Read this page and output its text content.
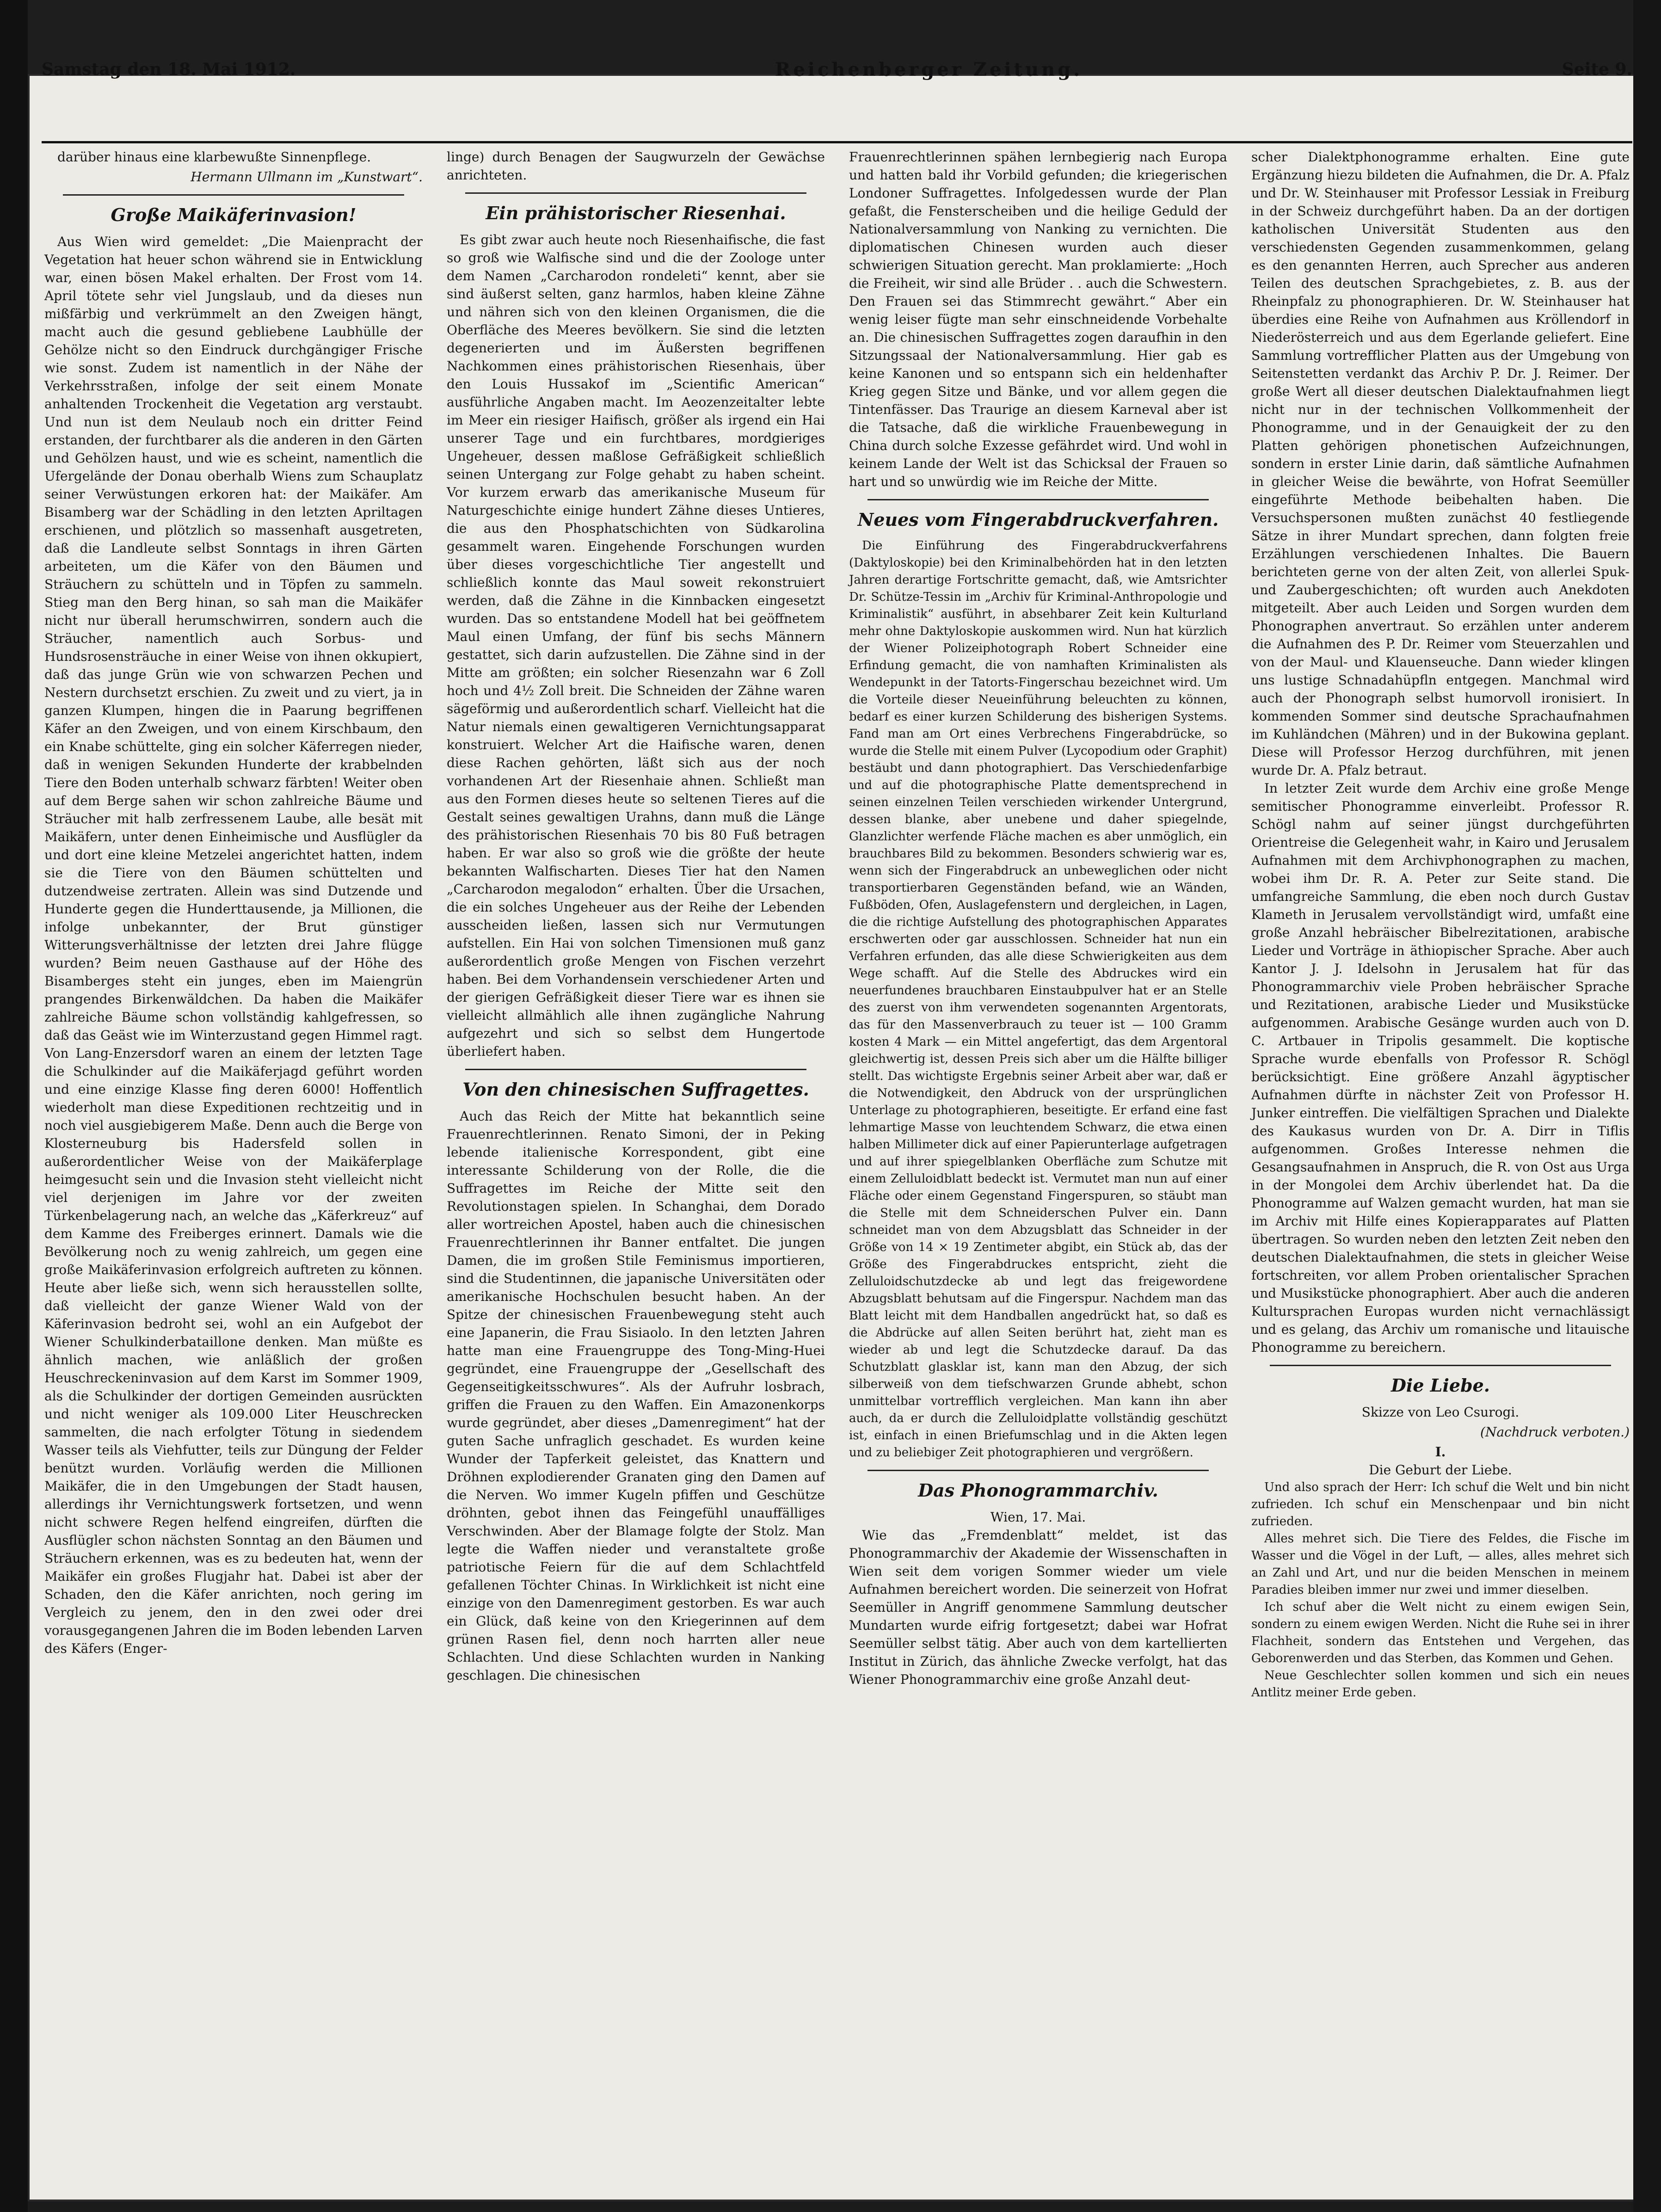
Samstag den 18. Mai 1912.	Reichenberger Zeitung.	Seite 9.

darüber hinaus eine klarbewußte Sinnenpflege.

Hermann Ullmann im „Kunstwart“.
Große Maikäferinvasion!

Aus Wien wird gemeldet: „Die Maienpracht der Vegetation hat heuer schon während sie in Entwicklung war, einen bösen Makel erhalten. Der Frost vom 14. April tötete sehr viel Jungslaub, und da dieses nun mißfärbig und verkrümmelt an den Zweigen hängt, macht auch die gesund gebliebene Laubhülle der Gehölze nicht so den Eindruck durchgängiger Frische wie sonst. Zudem ist namentlich in der Nähe der Verkehrsstraßen, infolge der seit einem Monate anhaltenden Trockenheit die Vegetation arg verstaubt. Und nun ist dem Neulaub noch ein dritter Feind erstanden, der furchtbarer als die anderen in den Gärten und Gehölzen haust, und wie es scheint, namentlich die Ufergelände der Donau oberhalb Wiens zum Schauplatz seiner Verwüstungen erkoren hat: der Maikäfer. Am Bisamberg war der Schädling in den letzten Apriltagen erschienen, und plötzlich so massenhaft ausgetreten, daß die Landleute selbst Sonntags in ihren Gärten arbeiteten, um die Käfer von den Bäumen und Sträuchern zu schütteln und in Töpfen zu sammeln. Stieg man den Berg hinan, so sah man die Maikäfer nicht nur überall herumschwirren, sondern auch die Sträucher, namentlich auch Sorbus- und Hundsrosensträuche in einer Weise von ihnen okkupiert, daß das junge Grün wie von schwarzen Pechen und Nestern durchsetzt erschien. Zu zweit und zu viert, ja in ganzen Klumpen, hingen die in Paarung begriffenen Käfer an den Zweigen, und von einem Kirschbaum, den ein Knabe schüttelte, ging ein solcher Käferregen nieder, daß in wenigen Sekunden Hunderte der krabbelnden Tiere den Boden unterhalb schwarz färbten! Weiter oben auf dem Berge sahen wir schon zahlreiche Bäume und Sträucher mit halb zerfressenem Laube, alle besät mit Maikäfern, unter denen Einheimische und Ausflügler da und dort eine kleine Metzelei angerichtet hatten, indem sie die Tiere von den Bäumen schüttelten und dutzendweise zertraten. Allein was sind Dutzende und Hunderte gegen die Hunderttausende, ja Millionen, die infolge unbekannter, der Brut günstiger Witterungsverhältnisse der letzten drei Jahre flügge wurden? Beim neuen Gasthause auf der Höhe des Bisamberges steht ein junges, eben im Maiengrün prangendes Birkenwäldchen. Da haben die Maikäfer zahlreiche Bäume schon vollständig kahlgefressen, so daß das Geäst wie im Winterzustand gegen Himmel ragt. Von Lang-Enzersdorf waren an einem der letzten Tage die Schulkinder auf die Maikäferjagd geführt worden und eine einzige Klasse fing deren 6000! Hoffentlich wiederholt man diese Expeditionen rechtzeitig und in noch viel ausgiebigerem Maße. Denn auch die Berge von Klosterneuburg bis Hadersfeld sollen in außerordentlicher Weise von der Maikäferplage heimgesucht sein und die Invasion steht vielleicht nicht viel derjenigen im Jahre vor der zweiten Türkenbelagerung nach, an welche das „Käferkreuz“ auf dem Kamme des Freiberges erinnert. Damals wie die Bevölkerung noch zu wenig zahlreich, um gegen eine große Maikäferinvasion erfolgreich auftreten zu können. Heute aber ließe sich, wenn sich herausstellen sollte, daß vielleicht der ganze Wiener Wald von der Käferinvasion bedroht sei, wohl an ein Aufgebot der Wiener Schulkinderbataillone denken. Man müßte es ähnlich machen, wie anläßlich der großen Heuschreckeninvasion auf dem Karst im Sommer 1909, als die Schulkinder der dortigen Gemeinden ausrückten und nicht weniger als 109.000 Liter Heuschrecken sammelten, die nach erfolgter Tötung in siedendem Wasser teils als Viehfutter, teils zur Düngung der Felder benützt wurden. Vorläufig werden die Millionen Maikäfer, die in den Umgebungen der Stadt hausen, allerdings ihr Vernichtungswerk fortsetzen, und wenn nicht schwere Regen helfend eingreifen, dürften die Ausflügler schon nächsten Sonntag an den Bäumen und Sträuchern erkennen, was es zu bedeuten hat, wenn der Maikäfer ein großes Flugjahr hat. Dabei ist aber der Schaden, den die Käfer anrichten, noch gering im Vergleich zu jenem, den in den zwei oder drei vorausgegangenen Jahren die im Boden lebenden Larven des Käfers (Enger-

linge) durch Benagen der Saugwurzeln der Gewächse anrichteten.

Ein prähistorischer Riesenhai.

Es gibt zwar auch heute noch Riesenhaifische, die fast so groß wie Walfische sind und die der Zoologe unter dem Namen „Carcharodon rondeleti“ kennt, aber sie sind äußerst selten, ganz harmlos, haben kleine Zähne und nähren sich von den kleinen Organismen, die die Oberfläche des Meeres bevölkern. Sie sind die letzten degenerierten und im Äußersten begriffenen Nachkommen eines prähistorischen Riesenhais, über den Louis Hussakof im „Scientific American“ ausführliche Angaben macht. Im Aeozenzeitalter lebte im Meer ein riesiger Haifisch, größer als irgend ein Hai unserer Tage und ein furchtbares, mordgieriges Ungeheuer, dessen maßlose Gefräßigkeit schließlich seinen Untergang zur Folge gehabt zu haben scheint. Vor kurzem erwarb das amerikanische Museum für Naturgeschichte einige hundert Zähne dieses Untieres, die aus den Phosphatschichten von Südkarolina gesammelt waren. Eingehende Forschungen wurden über dieses vorgeschichtliche Tier angestellt und schließlich konnte das Maul soweit rekonstruiert werden, daß die Zähne in die Kinnbacken eingesetzt wurden. Das so entstandene Modell hat bei geöffnetem Maul einen Umfang, der fünf bis sechs Männern gestattet, sich darin aufzustellen. Die Zähne sind in der Mitte am größten; ein solcher Riesenzahn war 6 Zoll hoch und 4½ Zoll breit. Die Schneiden der Zähne waren sägeförmig und außerordentlich scharf. Vielleicht hat die Natur niemals einen gewaltigeren Vernichtungsapparat konstruiert. Welcher Art die Haifische waren, denen diese Rachen gehörten, läßt sich aus der noch vorhandenen Art der Riesenhaie ahnen. Schließt man aus den Formen dieses heute so seltenen Tieres auf die Gestalt seines gewaltigen Urahns, dann muß die Länge des prähistorischen Riesenhais 70 bis 80 Fuß betragen haben. Er war also so groß wie die größte der heute bekannten Walfischarten. Dieses Tier hat den Namen „Carcharodon megalodon“ erhalten. Über die Ursachen, die ein solches Ungeheuer aus der Reihe der Lebenden ausscheiden ließen, lassen sich nur Vermutungen aufstellen. Ein Hai von solchen Timensionen muß ganz außerordentlich große Mengen von Fischen verzehrt haben. Bei dem Vorhandensein verschiedener Arten und der gierigen Gefräßigkeit dieser Tiere war es ihnen sie vielleicht allmählich alle ihnen zugängliche Nahrung aufgezehrt und sich so selbst dem Hungertode überliefert haben.

Von den chinesischen Suffragettes.

Auch das Reich der Mitte hat bekanntlich seine Frauenrechtlerinnen. Renato Simoni, der in Peking lebende italienische Korrespondent, gibt eine interessante Schilderung von der Rolle, die die Suffragettes im Reiche der Mitte seit den Revolutionstagen spielen. In Schanghai, dem Dorado aller wortreichen Apostel, haben auch die chinesischen Frauenrechtlerinnen ihr Banner entfaltet. Die jungen Damen, die im großen Stile Feminismus importieren, sind die Studentinnen, die japanische Universitäten oder amerikanische Hochschulen besucht haben. An der Spitze der chinesischen Frauenbewegung steht auch eine Japanerin, die Frau Sisiaolo. In den letzten Jahren hatte man eine Frauengruppe des Tong-Ming-Huei gegründet, eine Frauengruppe der „Gesellschaft des Gegenseitigkeitsschwures“. Als der Aufruhr losbrach, griffen die Frauen zu den Waffen. Ein Amazonenkorps wurde gegründet, aber dieses „Damenregiment“ hat der guten Sache unfraglich geschadet. Es wurden keine Wunder der Tapferkeit geleistet, das Knattern und Dröhnen explodierender Granaten ging den Damen auf die Nerven. Wo immer Kugeln pfiffen und Geschütze dröhnten, gebot ihnen das Feingefühl unauffälliges Verschwinden. Aber der Blamage folgte der Stolz. Man legte die Waffen nieder und veranstaltete große patriotische Feiern für die auf dem Schlachtfeld gefallenen Töchter Chinas. In Wirklichkeit ist nicht eine einzige von den Damenregiment gestorben. Es war auch ein Glück, daß keine von den Kriegerinnen auf dem grünen Rasen fiel, denn noch harrten aller neue Schlachten. Und diese Schlachten wurden in Nanking geschlagen. Die chinesischen

Frauenrechtlerinnen spähen lernbegierig nach Europa und hatten bald ihr Vorbild gefunden; die kriegerischen Londoner Suffragettes. Infolgedessen wurde der Plan gefaßt, die Fensterscheiben und die heilige Geduld der Nationalversammlung von Nanking zu vernichten. Die diplomatischen Chinesen wurden auch dieser schwierigen Situation gerecht. Man proklamierte: „Hoch die Freiheit, wir sind alle Brüder . . auch die Schwestern. Den Frauen sei das Stimmrecht gewährt.“ Aber ein wenig leiser fügte man sehr einschneidende Vorbehalte an. Die chinesischen Suffragettes zogen daraufhin in den Sitzungssaal der Nationalversammlung. Hier gab es keine Kanonen und so entspann sich ein heldenhafter Krieg gegen Sitze und Bänke, und vor allem gegen die Tintenfässer. Das Traurige an diesem Karneval aber ist die Tatsache, daß die wirkliche Frauenbewegung in China durch solche Exzesse gefährdet wird. Und wohl in keinem Lande der Welt ist das Schicksal der Frauen so hart und so unwürdig wie im Reiche der Mitte.

Neues vom Fingerabdruckverfahren.

Die Einführung des Fingerabdruckverfahrens (Daktyloskopie) bei den Kriminalbehörden hat in den letzten Jahren derartige Fortschritte gemacht, daß, wie Amtsrichter Dr. Schütze-Tessin im „Archiv für Kriminal-Anthropologie und Kriminalistik“ ausführt, in absehbarer Zeit kein Kulturland mehr ohne Daktyloskopie auskommen wird. Nun hat kürzlich der Wiener Polizeiphotograph Robert Schneider eine Erfindung gemacht, die von namhaften Kriminalisten als Wendepunkt in der Tatorts-Fingerschau bezeichnet wird. Um die Vorteile dieser Neueinführung beleuchten zu können, bedarf es einer kurzen Schilderung des bisherigen Systems. Fand man am Ort eines Verbrechens Fingerabdrücke, so wurde die Stelle mit einem Pulver (Lycopodium oder Graphit) bestäubt und dann photographiert. Das Verschiedenfarbige und auf die photographische Platte dementsprechend in seinen einzelnen Teilen verschieden wirkender Untergrund, dessen blanke, aber unebene und daher spiegelnde, Glanzlichter werfende Fläche machen es aber unmöglich, ein brauchbares Bild zu bekommen. Besonders schwierig war es, wenn sich der Fingerabdruck an unbeweglichen oder nicht transportierbaren Gegenständen befand, wie an Wänden, Fußböden, Ofen, Auslagefenstern und dergleichen, in Lagen, die die richtige Aufstellung des photographischen Apparates erschwerten oder gar ausschlossen. Schneider hat nun ein Verfahren erfunden, das alle diese Schwierigkeiten aus dem Wege schafft. Auf die Stelle des Abdruckes wird ein neuerfundenes brauchbaren Einstaubpulver hat er an Stelle des zuerst von ihm verwendeten sogenannten Argentorats, das für den Massenverbrauch zu teuer ist — 100 Gramm kosten 4 Mark — ein Mittel angefertigt, das dem Argentoral gleichwertig ist, dessen Preis sich aber um die Hälfte billiger stellt. Das wichtigste Ergebnis seiner Arbeit aber war, daß er die Notwendigkeit, den Abdruck von der ursprünglichen Unterlage zu photographieren, beseitigte. Er erfand eine fast lehmartige Masse von leuchtendem Schwarz, die etwa einen halben Millimeter dick auf einer Papierunterlage aufgetragen und auf ihrer spiegelblanken Oberfläche zum Schutze mit einem Zelluloidblatt bedeckt ist. Vermutet man nun auf einer Fläche oder einem Gegenstand Fingerspuren, so stäubt man die Stelle mit dem Schneiderschen Pulver ein. Dann schneidet man von dem Abzugsblatt das Schneider in der Größe von 14 × 19 Zentimeter abgibt, ein Stück ab, das der Größe des Fingerabdruckes entspricht, zieht die Zelluloidschutzdecke ab und legt das freigewordene Abzugsblatt behutsam auf die Fingerspur. Nachdem man das Blatt leicht mit dem Handballen angedrückt hat, so daß es die Abdrücke auf allen Seiten berührt hat, zieht man es wieder ab und legt die Schutzdecke darauf. Da das Schutzblatt glasklar ist, kann man den Abzug, der sich silberweiß von dem tiefschwarzen Grunde abhebt, schon unmittelbar vortrefflich vergleichen. Man kann ihn aber auch, da er durch die Zelluloidplatte vollständig geschützt ist, einfach in einen Briefumschlag und in die Akten legen und zu beliebiger Zeit photographieren und vergrößern.

Das Phonogrammarchiv.

Wien, 17. Mai.

Wie das „Fremdenblatt“ meldet, ist das Phonogrammarchiv der Akademie der Wissenschaften in Wien seit dem vorigen Sommer wieder um viele Aufnahmen bereichert worden. Die seinerzeit von Hofrat Seemüller in Angriff genommene Sammlung deutscher Mundarten wurde eifrig fortgesetzt; dabei war Hofrat Seemüller selbst tätig. Aber auch von dem kartellierten Institut in Zürich, das ähnliche Zwecke verfolgt, hat das Wiener Phonogrammarchiv eine große Anzahl deut-

scher Dialektphonogramme erhalten. Eine gute Ergänzung hiezu bildeten die Aufnahmen, die Dr. A. Pfalz und Dr. W. Steinhauser mit Professor Lessiak in Freiburg in der Schweiz durchgeführt haben. Da an der dortigen katholischen Universität Studenten aus den verschiedensten Gegenden zusammenkommen, gelang es den genannten Herren, auch Sprecher aus anderen Teilen des deutschen Sprachgebietes, z. B. aus der Rheinpfalz zu phonographieren. Dr. W. Steinhauser hat überdies eine Reihe von Aufnahmen aus Kröllendorf in Niederösterreich und aus dem Egerlande geliefert. Eine Sammlung vortrefflicher Platten aus der Umgebung von Seitenstetten verdankt das Archiv P. Dr. J. Reimer. Der große Wert all dieser deutschen Dialektaufnahmen liegt nicht nur in der technischen Vollkommenheit der Phonogramme, und in der Genauigkeit der zu den Platten gehörigen phonetischen Aufzeichnungen, sondern in erster Linie darin, daß sämtliche Aufnahmen in gleicher Weise die bewährte, von Hofrat Seemüller eingeführte Methode beibehalten haben. Die Versuchspersonen mußten zunächst 40 festliegende Sätze in ihrer Mundart sprechen, dann folgten freie Erzählungen verschiedenen Inhaltes. Die Bauern berichteten gerne von der alten Zeit, von allerlei Spuk- und Zaubergeschichten; oft wurden auch Anekdoten mitgeteilt. Aber auch Leiden und Sorgen wurden dem Phonographen anvertraut. So erzählen unter anderem die Aufnahmen des P. Dr. Reimer vom Steuerzahlen und von der Maul- und Klauenseuche. Dann wieder klingen uns lustige Schnadahüpfln entgegen. Manchmal wird auch der Phonograph selbst humorvoll ironisiert. In kommenden Sommer sind deutsche Sprachaufnahmen im Kuhländchen (Mähren) und in der Bukowina geplant. Diese will Professor Herzog durchführen, mit jenen wurde Dr. A. Pfalz betraut.

In letzter Zeit wurde dem Archiv eine große Menge semitischer Phonogramme einverleibt. Professor R. Schögl nahm auf seiner jüngst durchgeführten Orientreise die Gelegenheit wahr, in Kairo und Jerusalem Aufnahmen mit dem Archivphonographen zu machen, wobei ihm Dr. R. A. Peter zur Seite stand. Die umfangreiche Sammlung, die eben noch durch Gustav Klameth in Jerusalem vervollständigt wird, umfaßt eine große Anzahl hebräischer Bibelrezitationen, arabische Lieder und Vorträge in äthiopischer Sprache. Aber auch Kantor J. J. Idelsohn in Jerusalem hat für das Phonogrammarchiv viele Proben hebräischer Sprache und Rezitationen, arabische Lieder und Musikstücke aufgenommen. Arabische Gesänge wurden auch von D. C. Artbauer in Tripolis gesammelt. Die koptische Sprache wurde ebenfalls von Professor R. Schögl berücksichtigt. Eine größere Anzahl ägyptischer Aufnahmen dürfte in nächster Zeit von Professor H. Junker eintreffen. Die vielfältigen Sprachen und Dialekte des Kaukasus wurden von Dr. A. Dirr in Tiflis aufgenommen. Großes Interesse nehmen die Gesangsaufnahmen in Anspruch, die R. von Ost aus Urga in der Mongolei dem Archiv überlendet hat. Da die Phonogramme auf Walzen gemacht wurden, hat man sie im Archiv mit Hilfe eines Kopierapparates auf Platten übertragen. So wurden neben den letzten Zeit neben den deutschen Dialektaufnahmen, die stets in gleicher Weise fortschreiten, vor allem Proben orientalischer Sprachen und Musikstücke phonographiert. Aber auch die anderen Kultursprachen Europas wurden nicht vernachlässigt und es gelang, das Archiv um romanische und litauische Phonogramme zu bereichern.

Die Liebe.

Skizze von Leo Csurogi.

(Nachdruck verboten.)

I.

Die Geburt der Liebe.

Und also sprach der Herr: Ich schuf die Welt und bin nicht zufrieden. Ich schuf ein Menschenpaar und bin nicht zufrieden.

Alles mehret sich. Die Tiere des Feldes, die Fische im Wasser und die Vögel in der Luft, — alles, alles mehret sich an Zahl und Art, und nur die beiden Menschen in meinem Paradies bleiben immer nur zwei und immer dieselben.

Ich schuf aber die Welt nicht zu einem ewigen Sein, sondern zu einem ewigen Werden. Nicht die Ruhe sei in ihrer Flachheit, sondern das Entstehen und Vergehen, das Geborenwerden und das Sterben, das Kommen und Gehen.

Neue Geschlechter sollen kommen und sich ein neues Antlitz meiner Erde geben.
